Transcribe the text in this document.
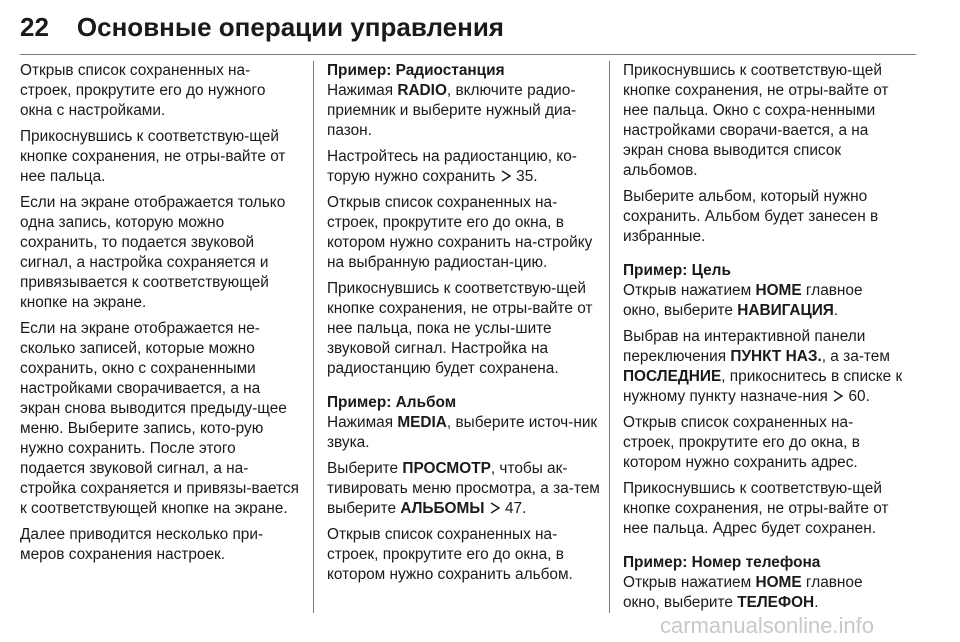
22 Основные операции управления

Открыв список сохраненных на-строек, прокрутите его до нужного окна с настройками.

Прикоснувшись к соответствую-щей кнопке сохранения, не отры-вайте от нее пальца.

Если на экране отображается только одна запись, которую можно сохранить, то подается звуковой сигнал, а настройка сохраняется и привязывается к соответствующей кнопке на экране.

Если на экране отображается не-сколько записей, которые можно сохранить, окно с сохраненными настройками сворачивается, а на экран снова выводится предыду-щее меню. Выберите запись, кото-рую нужно сохранить. После этого подается звуковой сигнал, а на-стройка сохраняется и привязы-вается к соответствующей кнопке на экране.

Далее приводится несколько при-меров сохранения настроек.

Пример: Радиостанция

Нажимая RADIO, включите радио-приемник и выберите нужный диа-пазон.

Настройтесь на радиостанцию, ко-торую нужно сохранить  35.

Открыв список сохраненных на-строек, прокрутите его до окна, в котором нужно сохранить на-стройку на выбранную радиостан-цию.

Прикоснувшись к соответствую-щей кнопке сохранения, не отры-вайте от нее пальца, пока не услы-шите звуковой сигнал. Настройка на радиостанцию будет сохранена.

Пример: Альбом

Нажимая MEDIA, выберите источ-ник звука.

Выберите ПРОСМОТР, чтобы ак-тивировать меню просмотра, а за-тем выберите АЛЬБОМЫ 47.

Открыв список сохраненных на-строек, прокрутите его до окна, в котором нужно сохранить альбом.

Прикоснувшись к соответствую-щей кнопке сохранения, не отры-вайте от нее пальца. Окно с сохра-ненными настройками сворачи-вается, а на экран снова выводится список альбомов.

Выберите альбом, который нужно сохранить. Альбом будет занесен в избранные.

Пример: Цель

Открыв нажатием HOME главное окно, выберите НАВИГАЦИЯ.

Выбрав на интерактивной панели переключения ПУНКТ НАЗ., а за-тем ПОСЛЕДНИЕ, прикоснитесь в списке к нужному пункту назначе-ния  60.

Открыв список сохраненных на-строек, прокрутите его до окна, в котором нужно сохранить адрес.

Прикоснувшись к соответствую-щей кнопке сохранения, не отры-вайте от нее пальца. Адрес будет сохранен.

Пример: Номер телефона

Открыв нажатием HOME главное окно, выберите ТЕЛЕФОН.

carmanualsonline.info
